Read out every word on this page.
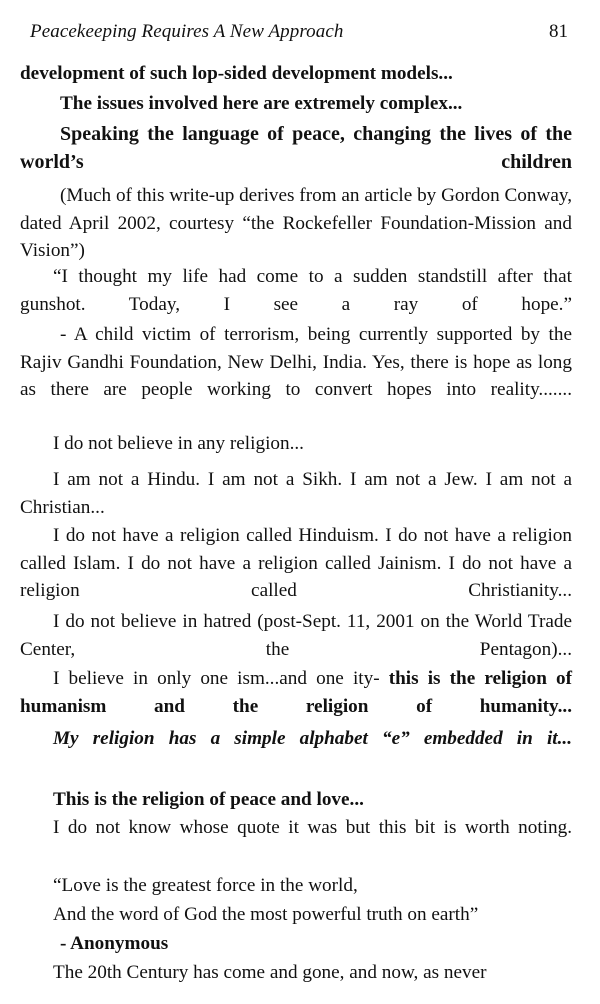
Peacekeeping Requires A New Approach	81

development of such lop-sided development models...

The issues involved here are extremely complex...

Speaking the language of peace, changing the lives of the world’s children

(Much of this write-up derives from an article by Gordon Conway, dated April 2002, courtesy “the Rockefeller Foundation-Mission and Vision”)

“I thought my life had come to a sudden standstill after that gunshot. Today, I see a ray of hope.”

- A child victim of terrorism, being currently supported by the Rajiv Gandhi Foundation, New Delhi, India. Yes, there is hope as long as there are people working to convert hopes into reality.......

I do not believe in any religion...

I am not a Hindu. I am not a Sikh. I am not a Jew. I am not a Christian...

I do not have a religion called Hinduism. I do not have a religion called Islam. I do not have a religion called Jainism. I do not have a religion called Christianity...

I do not believe in hatred (post-Sept. 11, 2001 on the World Trade Center, the Pentagon)...

I believe in only one ism...and one ity- this is the religion of humanism and the religion of humanity...

My religion has a simple alphabet “e” embedded in it...

This is the religion of peace and love...

I do not know whose quote it was but this bit is worth noting.

“Love is the greatest force in the world,

And the word of God the most powerful truth on earth”

- Anonymous

The 20th Century has come and gone, and now, as never
